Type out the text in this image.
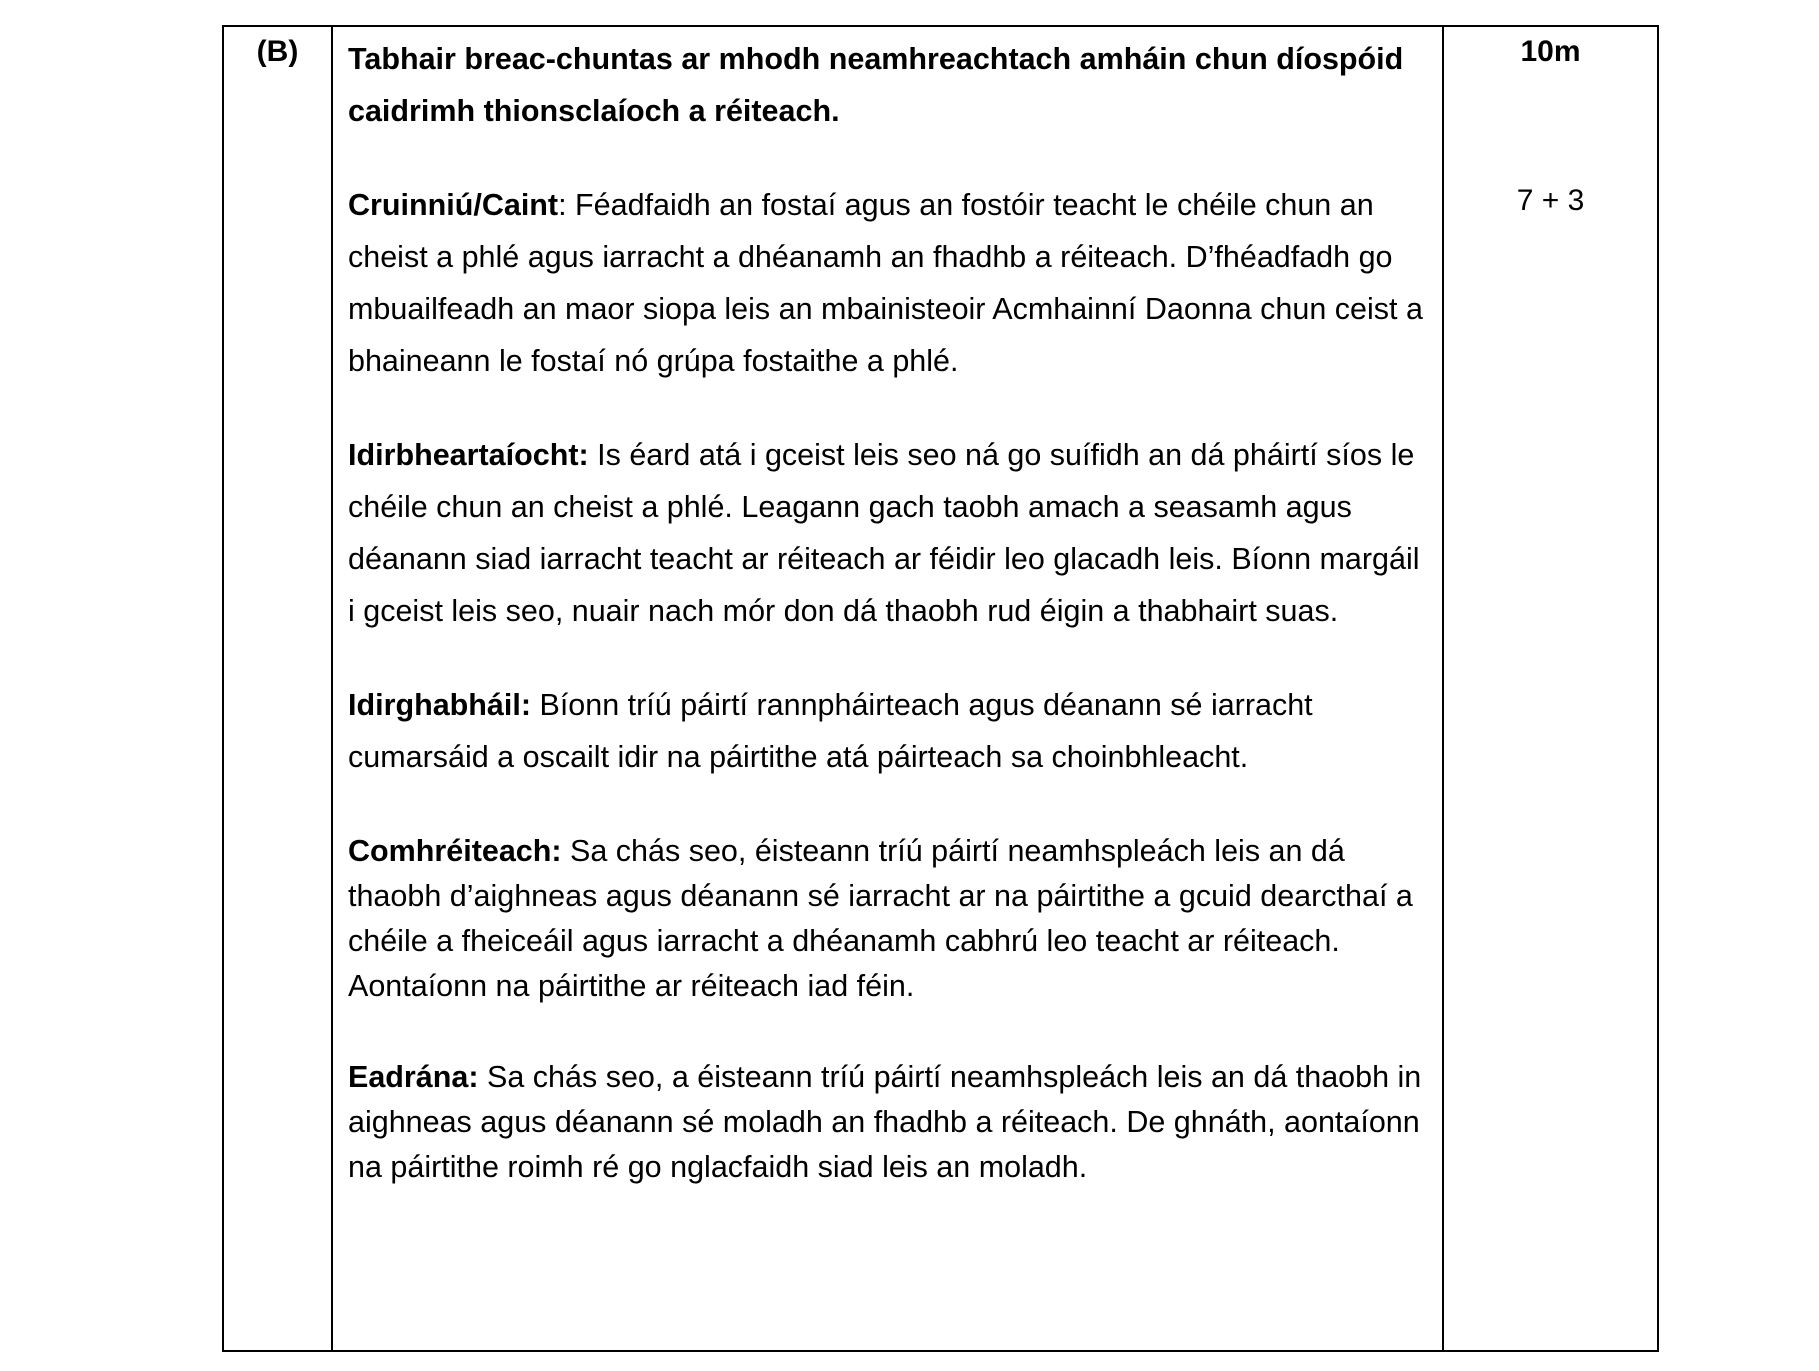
(B)	Tabhair breac-chuntas ar mhodh neamhreachtach amháin chun díospóid caidrimh thionsclaíoch a réiteach.

Cruinniú/Caint: Féadfaidh an fostaí agus an fostóir teacht le chéile chun an cheist a phlé agus iarracht a dhéanamh an fhadhb a réiteach. D’fhéadfadh go mbuailfeadh an maor siopa leis an mbainisteoir Acmhainní Daonna chun ceist a bhaineann le fostaí nó grúpa fostaithe a phlé.

Idirbheartaíocht: Is éard atá i gceist leis seo ná go suífidh an dá pháirtí síos le chéile chun an cheist a phlé. Leagann gach taobh amach a seasamh agus déanann siad iarracht teacht ar réiteach ar féidir leo glacadh leis. Bíonn margáil i gceist leis seo, nuair nach mór don dá thaobh rud éigin a thabhairt suas.

Idirghabháil: Bíonn tríú páirtí rannpháirteach agus déanann sé iarracht cumarsáid a oscailt idir na páirtithe atá páirteach sa choinbhleacht.

Comhréiteach: Sa chás seo, éisteann tríú páirtí neamhspleách leis an dá thaobh d’aighneas agus déanann sé iarracht ar na páirtithe a gcuid dearcthaí a chéile a fheiceáil agus iarracht a dhéanamh cabhrú leo teacht ar réiteach. Aontaíonn na páirtithe ar réiteach iad féin.

Eadrána: Sa chás seo, a éisteann tríú páirtí neamhspleách leis an dá thaobh in aighneas agus déanann sé moladh an fhadhb a réiteach. De ghnáth, aontaíonn na páirtithe roimh ré go nglacfaidh siad leis an moladh.

10m
7 + 3
